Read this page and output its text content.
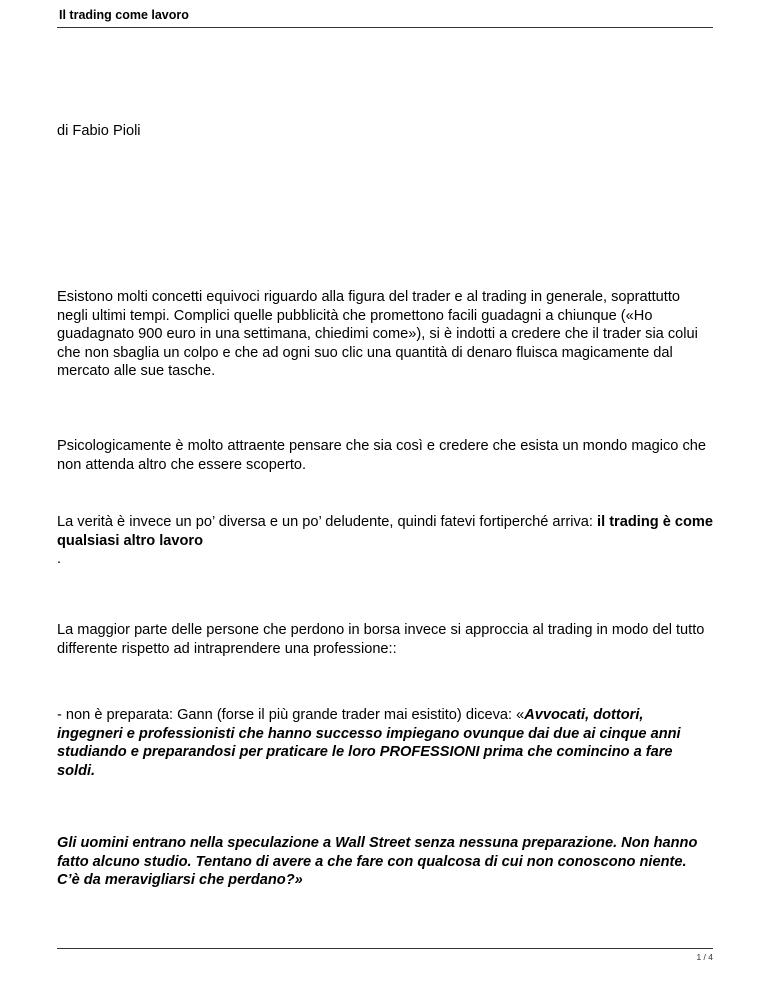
Il trading come lavoro

di Fabio Pioli

Esistono molti concetti equivoci riguardo alla figura del trader e al trading in generale, soprattutto negli ultimi tempi. Complici quelle pubblicità che promettono facili guadagni a chiunque («Ho guadagnato 900 euro in una settimana, chiedimi come»), si è indotti a credere che il trader sia colui che non sbaglia un colpo e che ad ogni suo clic una quantità di denaro fluisca magicamente dal mercato alle sue tasche.

Psicologicamente è molto attraente pensare che sia così e credere che esista un mondo magico che non attenda altro che essere scoperto.

La verità è invece un po’ diversa e un po’ deludente, quindi fatevi fortiperché arriva: il trading è come qualsiasi altro lavoro
.

La maggior parte delle persone che perdono in borsa invece si approccia al trading in modo del tutto differente rispetto ad intraprendere una professione::

- non è preparata: Gann (forse il più grande trader mai esistito) diceva: «Avvocati, dottori, ingegneri e professionisti che hanno successo impiegano ovunque dai due ai cinque anni studiando e preparandosi per praticare le loro PROFESSIONI prima che comincino a fare soldi.

Gli uomini entrano nella speculazione a Wall Street senza nessuna preparazione. Non hanno fatto alcuno studio. Tentano di avere a che fare con qualcosa di cui non conoscono niente. C’è da meravigliarsi che perdano?»

1 / 4
